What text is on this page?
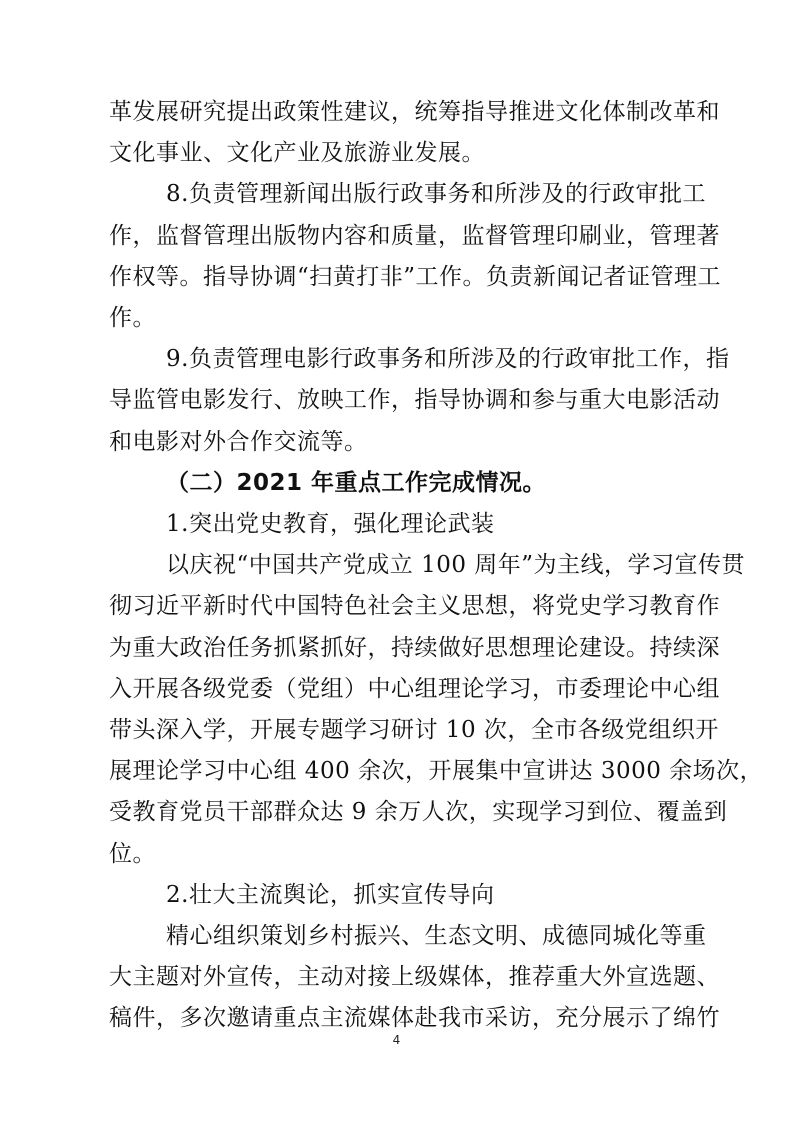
革发展研究提出政策性建议，统筹指导推进文化体制改革和
文化事业、文化产业及旅游业发展。
8.负责管理新闻出版行政事务和所涉及的行政审批工
作，监督管理出版物内容和质量，监督管理印刷业，管理著
作权等。指导协调“扫黄打非”工作。负责新闻记者证管理工
作。
9.负责管理电影行政事务和所涉及的行政审批工作，指
导监管电影发行、放映工作，指导协调和参与重大电影活动
和电影对外合作交流等。
（二）2021 年重点工作完成情况。
1.突出党史教育，强化理论武装
以庆祝“中国共产党成立 100 周年”为主线，学习宣传贯
彻习近平新时代中国特色社会主义思想，将党史学习教育作
为重大政治任务抓紧抓好，持续做好思想理论建设。持续深
入开展各级党委（党组）中心组理论学习，市委理论中心组
带头深入学，开展专题学习研讨 10 次，全市各级党组织开
展理论学习中心组 400 余次，开展集中宣讲达 3000 余场次，
受教育党员干部群众达 9 余万人次，实现学习到位、覆盖到
位。
2.壮大主流舆论，抓实宣传导向
精心组织策划乡村振兴、生态文明、成德同城化等重
大主题对外宣传，主动对接上级媒体，推荐重大外宣选题、
稿件，多次邀请重点主流媒体赴我市采访，充分展示了绵竹
4
